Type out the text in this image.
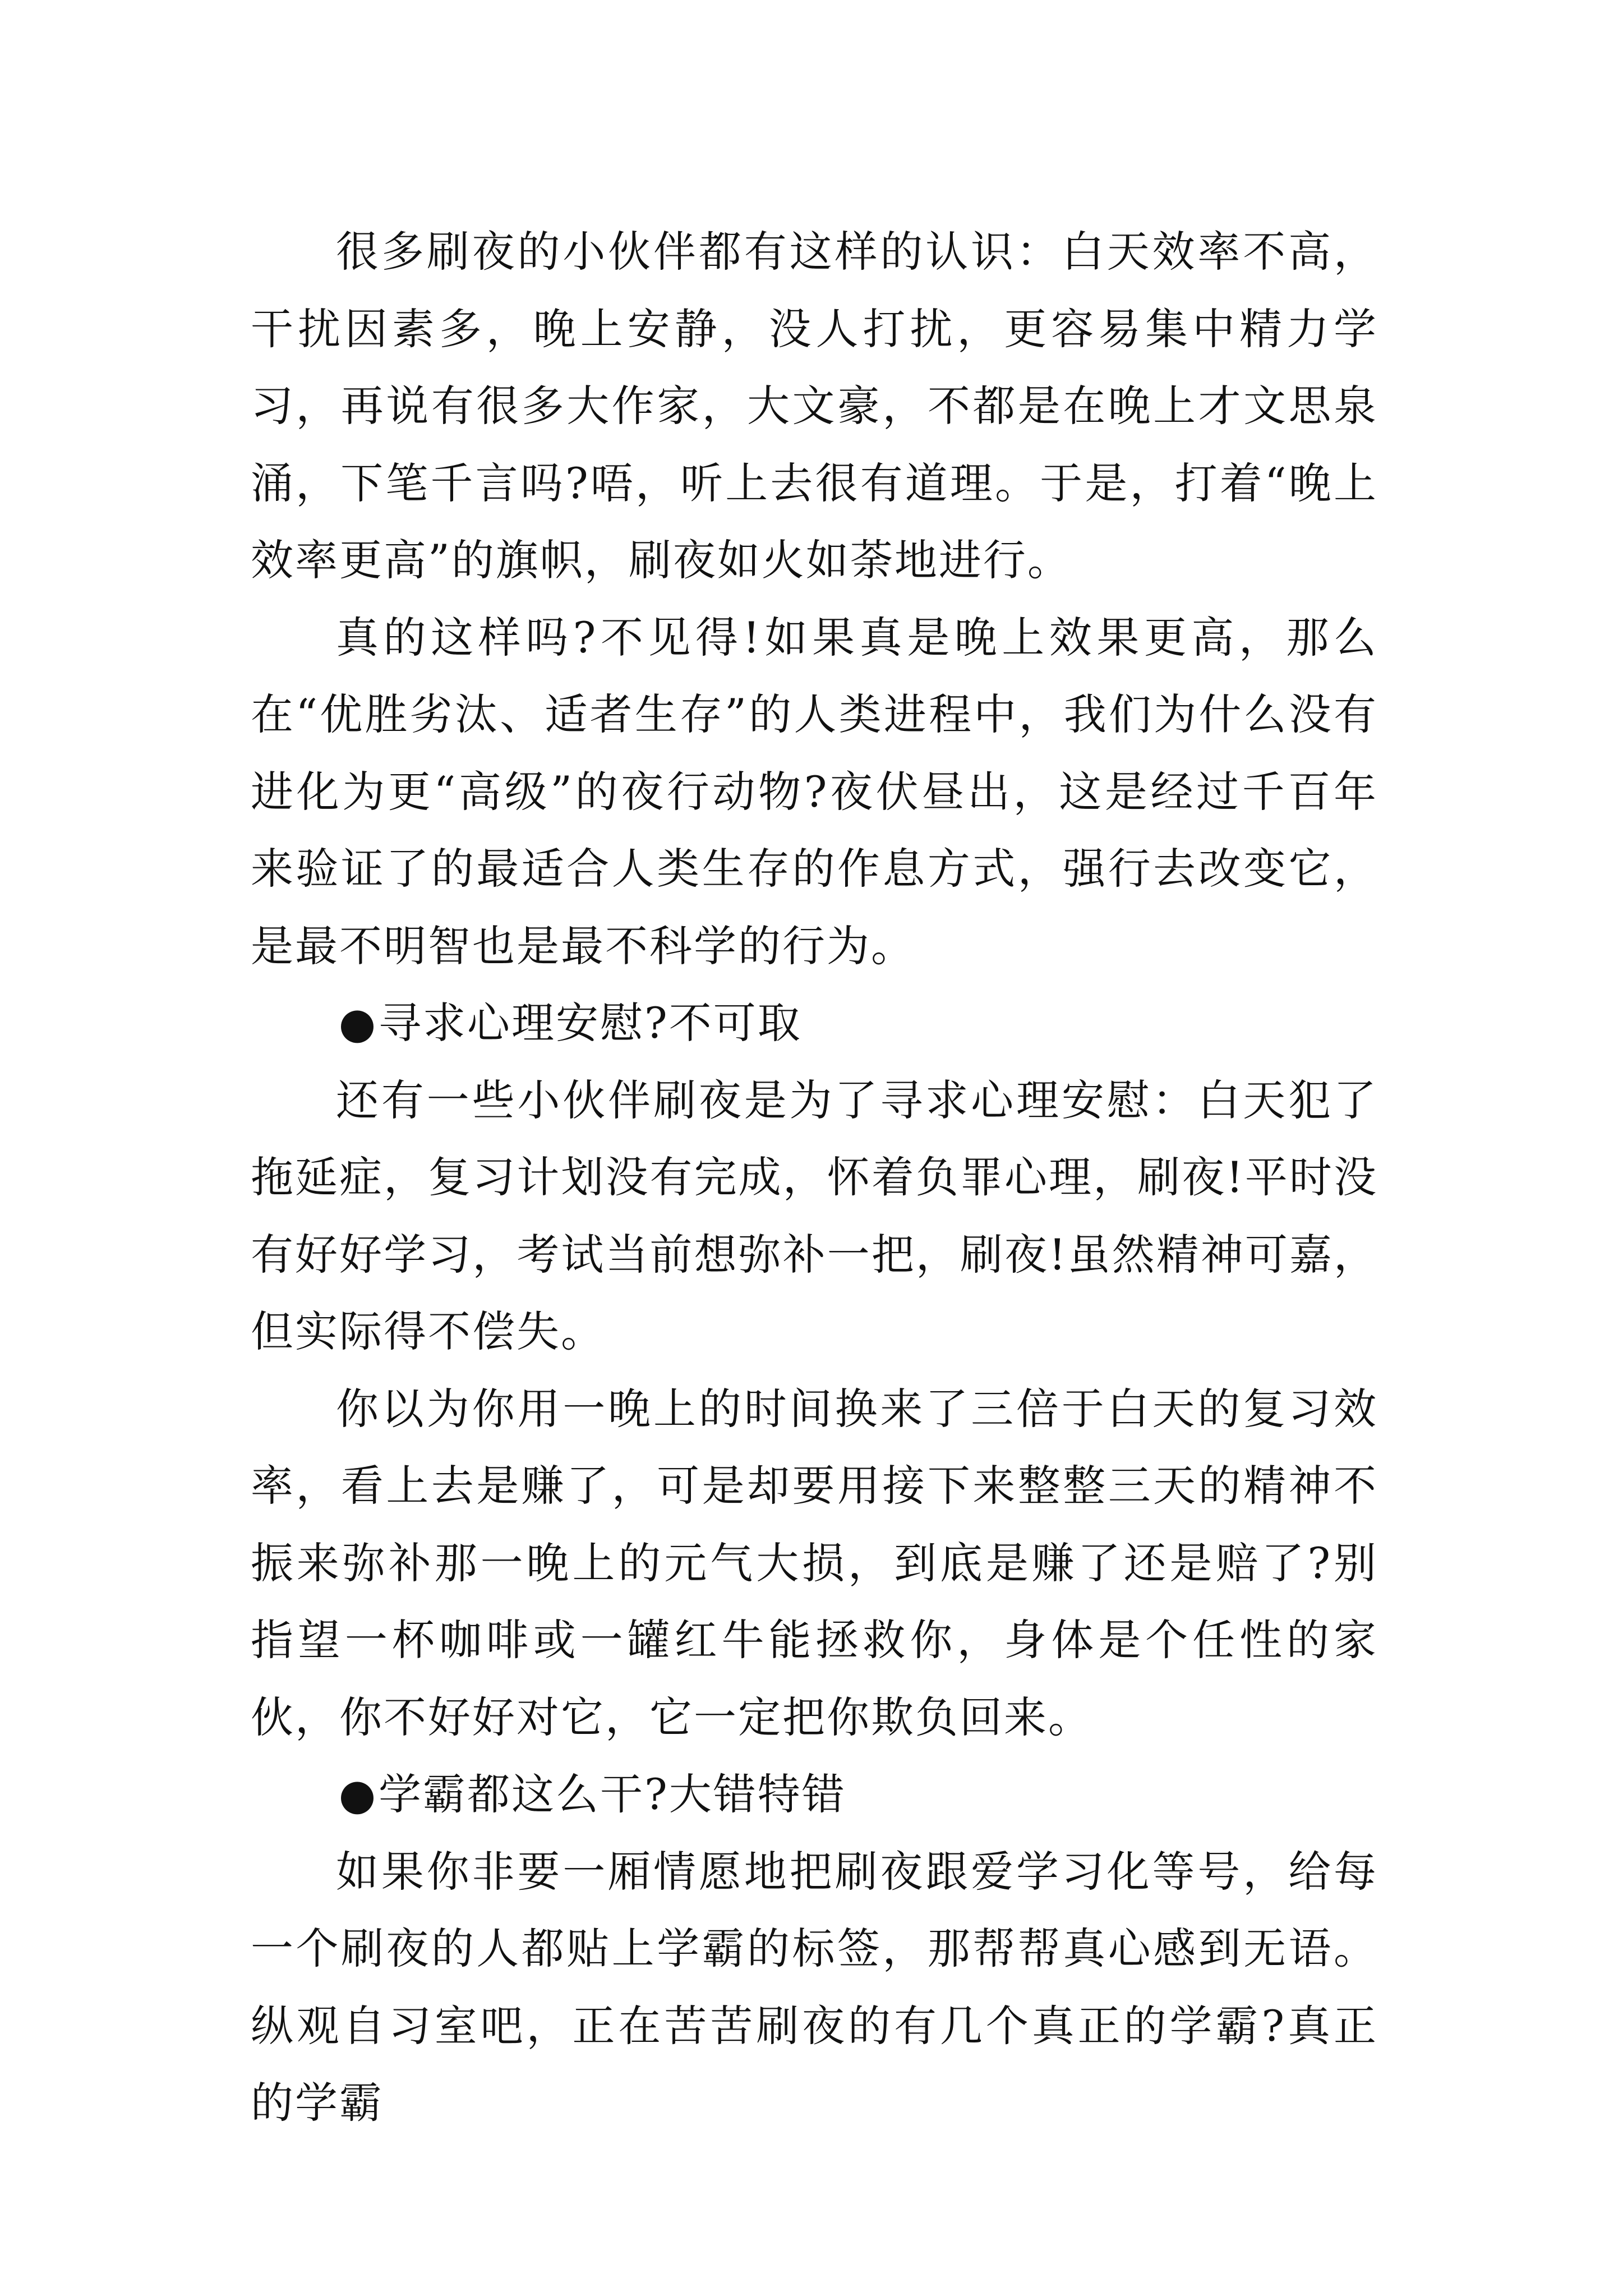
很多刷夜的小伙伴都有这样的认识：白天效率不高，干扰因素多，晚上安静，没人打扰，更容易集中精力学习，再说有很多大作家，大文豪，不都是在晚上才文思泉涌，下笔千言吗?唔，听上去很有道理。于是，打着“晚上效率更高”的旗帜，刷夜如火如荼地进行。

真的这样吗?不见得!如果真是晚上效果更高，那么在“优胜劣汰、适者生存”的人类进程中，我们为什么没有进化为更“高级”的夜行动物?夜伏昼出，这是经过千百年来验证了的最适合人类生存的作息方式，强行去改变它，是最不明智也是最不科学的行为。

●寻求心理安慰?不可取

还有一些小伙伴刷夜是为了寻求心理安慰：白天犯了拖延症，复习计划没有完成，怀着负罪心理，刷夜!平时没有好好学习，考试当前想弥补一把，刷夜!虽然精神可嘉，但实际得不偿失。

你以为你用一晚上的时间换来了三倍于白天的复习效率，看上去是赚了，可是却要用接下来整整三天的精神不振来弥补那一晚上的元气大损，到底是赚了还是赔了?别指望一杯咖啡或一罐红牛能拯救你，身体是个任性的家伙，你不好好对它，它一定把你欺负回来。

●学霸都这么干?大错特错

如果你非要一厢情愿地把刷夜跟爱学习化等号，给每一个刷夜的人都贴上学霸的标签，那帮帮真心感到无语。纵观自习室吧，正在苦苦刷夜的有几个真正的学霸?真正的学霸
